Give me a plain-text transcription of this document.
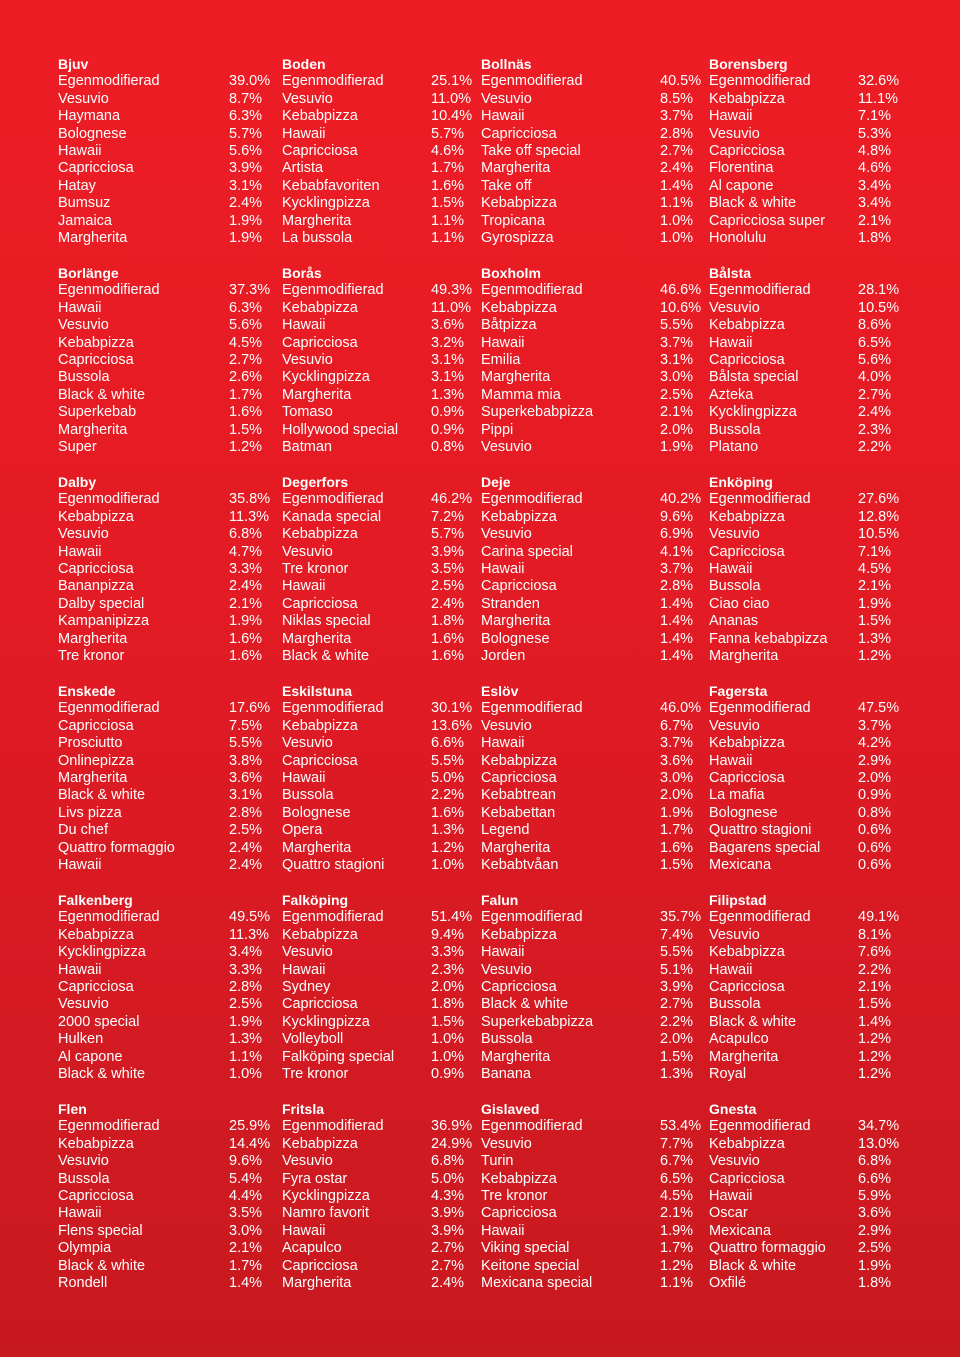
Bjuv
Egenmodifierad	39.0%
Vesuvio	8.7%
Haymana	6.3%
Bolognese	5.7%
Hawaii	5.6%
Capricciosa	3.9%
Hatay	3.1%
Bumsuz	2.4%
Jamaica	1.9%
Margherita	1.9%
Boden
Egenmodifierad	25.1%
Vesuvio	11.0%
Kebabpizza	10.4%
Hawaii	5.7%
Capricciosa	4.6%
Artista	1.7%
Kebabfavoriten	1.6%
Kycklingpizza	1.5%
Margherita	1.1%
La bussola	1.1%
Bollnäs
Egenmodifierad	40.5%
Vesuvio	8.5%
Hawaii	3.7%
Capricciosa	2.8%
Take off special	2.7%
Margherita	2.4%
Take off	1.4%
Kebabpizza	1.1%
Tropicana	1.0%
Gyrospizza	1.0%
Borensberg
Egenmodifierad	32.6%
Kebabpizza	11.1%
Hawaii	7.1%
Vesuvio	5.3%
Capricciosa	4.8%
Florentina	4.6%
Al capone	3.4%
Black & white	3.4%
Capricciosa super 2.1%
Honolulu	1.8%
Borlänge
Egenmodifierad	37.3%
Hawaii	6.3%
Vesuvio	5.6%
Kebabpizza	4.5%
Capricciosa	2.7%
Bussola	2.6%
Black & white	1.7%
Superkebab	1.6%
Margherita	1.5%
Super	1.2%
Borås
Egenmodifierad	49.3%
Kebabpizza	11.0%
Hawaii	3.6%
Capricciosa	3.2%
Vesuvio	3.1%
Kycklingpizza	3.1%
Margherita	1.3%
Tomaso	0.9%
Hollywood special 0.9%
Batman	0.8%
Boxholm
Egenmodifierad	46.6%
Kebabpizza	10.6%
Båtpizza	5.5%
Hawaii	3.7%
Emilia	3.1%
Margherita	3.0%
Mamma mia	2.5%
Superkebabpizza	2.1%
Pippi	2.0%
Vesuvio	1.9%
Bålsta
Egenmodifierad	28.1%
Vesuvio	10.5%
Kebabpizza	8.6%
Hawaii	6.5%
Capricciosa	5.6%
Bålsta special	4.0%
Azteka	2.7%
Kycklingpizza	2.4%
Bussola	2.3%
Platano	2.2%
Dalby
Egenmodifierad	35.8%
Kebabpizza	11.3%
Vesuvio	6.8%
Hawaii	4.7%
Capricciosa	3.3%
Bananpizza	2.4%
Dalby special	2.1%
Kampanipizza	1.9%
Margherita	1.6%
Tre kronor	1.6%
Degerfors
Egenmodifierad	46.2%
Kanada special	7.2%
Kebabpizza	5.7%
Vesuvio	3.9%
Tre kronor	3.5%
Hawaii	2.5%
Capricciosa	2.4%
Niklas special	1.8%
Margherita	1.6%
Black & white	1.6%
Deje
Egenmodifierad	40.2%
Kebabpizza	9.6%
Vesuvio	6.9%
Carina special	4.1%
Hawaii	3.7%
Capricciosa	2.8%
Stranden	1.4%
Margherita	1.4%
Bolognese	1.4%
Jorden	1.4%
Enköping
Egenmodifierad	27.6%
Kebabpizza	12.8%
Vesuvio	10.5%
Capricciosa	7.1%
Hawaii	4.5%
Bussola	2.1%
Ciao ciao	1.9%
Ananas	1.5%
Fanna kebabpizza 1.3%
Margherita	1.2%
Enskede
Egenmodifierad	17.6%
Capricciosa	7.5%
Prosciutto	5.5%
Onlinepizza	3.8%
Margherita	3.6%
Black & white	3.1%
Livs pizza	2.8%
Du chef	2.5%
Quattro formaggio	2.4%
Hawaii	2.4%
Eskilstuna
Egenmodifierad	30.1%
Kebabpizza	13.6%
Vesuvio	6.6%
Capricciosa	5.5%
Hawaii	5.0%
Bussola	2.2%
Bolognese	1.6%
Opera	1.3%
Margherita	1.2%
Quattro stagioni	1.0%
Eslöv
Egenmodifierad	46.0%
Vesuvio	6.7%
Hawaii	3.7%
Kebabpizza	3.6%
Capricciosa	3.0%
Kebabtrean	2.0%
Kebabettan	1.9%
Legend	1.7%
Margherita	1.6%
Kebabtvåan	1.5%
Fagersta
Egenmodifierad	47.5%
Vesuvio	3.7%
Kebabpizza	4.2%
Hawaii	2.9%
Capricciosa	2.0%
La mafia	0.9%
Bolognese	0.8%
Quattro stagioni	0.6%
Bagarens special	0.6%
Mexicana	0.6%
Falkenberg
Egenmodifierad	49.5%
Kebabpizza	11.3%
Kycklingpizza	3.4%
Hawaii	3.3%
Capricciosa	2.8%
Vesuvio	2.5%
2000 special	1.9%
Hulken	1.3%
Al capone	1.1%
Black & white	1.0%
Falköping
Egenmodifierad	51.4%
Kebabpizza	9.4%
Vesuvio	3.3%
Hawaii	2.3%
Sydney	2.0%
Capricciosa	1.8%
Kycklingpizza	1.5%
Volleyboll	1.0%
Falköping special	1.0%
Tre kronor	0.9%
Falun
Egenmodifierad	35.7%
Kebabpizza	7.4%
Hawaii	5.5%
Vesuvio	5.1%
Capricciosa	3.9%
Black & white	2.7%
Superkebabpizza	2.2%
Bussola	2.0%
Margherita	1.5%
Banana	1.3%
Filipstad
Egenmodifierad	49.1%
Vesuvio	8.1%
Kebabpizza	7.6%
Hawaii	2.2%
Capricciosa	2.1%
Bussola	1.5%
Black & white	1.4%
Acapulco	1.2%
Margherita	1.2%
Royal	1.2%
Flen
Egenmodifierad	25.9%
Kebabpizza	14.4%
Vesuvio	9.6%
Bussola	5.4%
Capricciosa	4.4%
Hawaii	3.5%
Flens special	3.0%
Olympia	2.1%
Black & white	1.7%
Rondell	1.4%
Fritsla
Egenmodifierad	36.9%
Kebabpizza	24.9%
Vesuvio	6.8%
Fyra ostar	5.0%
Kycklingpizza	4.3%
Namro favorit	3.9%
Hawaii	3.9%
Acapulco	2.7%
Capricciosa	2.7%
Margherita	2.4%
Gislaved
Egenmodifierad	53.4%
Vesuvio	7.7%
Turin	6.7%
Kebabpizza	6.5%
Tre kronor	4.5%
Capricciosa	2.1%
Hawaii	1.9%
Viking special	1.7%
Keitone special	1.2%
Mexicana special	1.1%
Gnesta
Egenmodifierad	34.7%
Kebabpizza	13.0%
Vesuvio	6.8%
Capricciosa	6.6%
Hawaii	5.9%
Oscar	3.6%
Mexicana	2.9%
Quattro formaggio 2.5%
Black & white	1.9%
Oxfilé	1.8%
